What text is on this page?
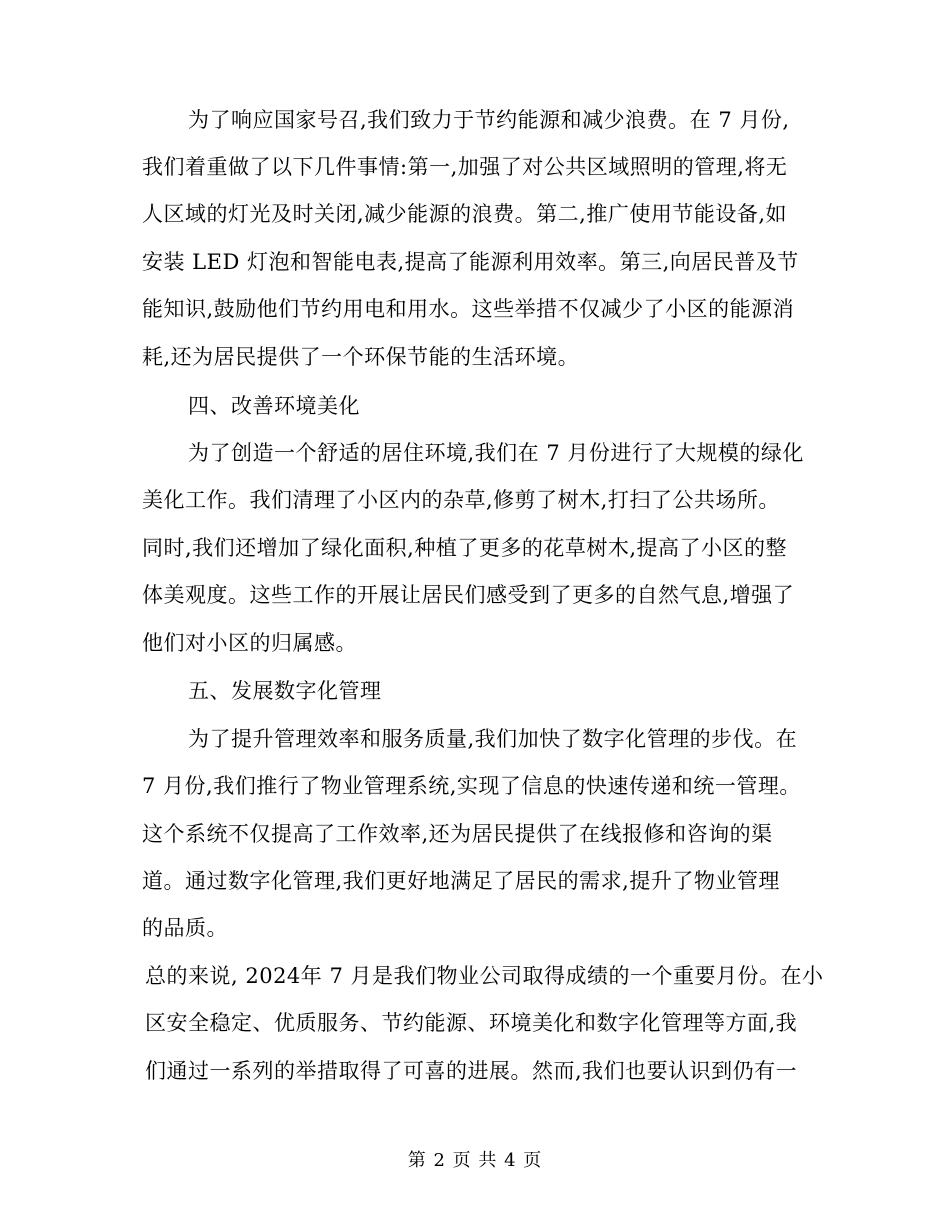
为了响应国家号召,我们致力于节约能源和减少浪费。在 7 月份,
我们着重做了以下几件事情:第一,加强了对公共区域照明的管理,将无
人区域的灯光及时关闭,减少能源的浪费。第二,推广使用节能设备,如
安装 LED 灯泡和智能电表,提高了能源利用效率。第三,向居民普及节
能知识,鼓励他们节约用电和用水。这些举措不仅减少了小区的能源消
耗,还为居民提供了一个环保节能的生活环境。
四、改善环境美化
为了创造一个舒适的居住环境,我们在 7 月份进行了大规模的绿化
美化工作。我们清理了小区内的杂草,修剪了树木,打扫了公共场所。
同时,我们还增加了绿化面积,种植了更多的花草树木,提高了小区的整
体美观度。这些工作的开展让居民们感受到了更多的自然气息,增强了
他们对小区的归属感。
五、发展数字化管理
为了提升管理效率和服务质量,我们加快了数字化管理的步伐。在
7 月份,我们推行了物业管理系统,实现了信息的快速传递和统一管理。
这个系统不仅提高了工作效率,还为居民提供了在线报修和咨询的渠
道。通过数字化管理,我们更好地满足了居民的需求,提升了物业管理
的品质。
总的来说, 2024年 7 月是我们物业公司取得成绩的一个重要月份。在小
区安全稳定、优质服务、节约能源、环境美化和数字化管理等方面,我
们通过一系列的举措取得了可喜的进展。然而,我们也要认识到仍有一
第 2 页 共 4 页
